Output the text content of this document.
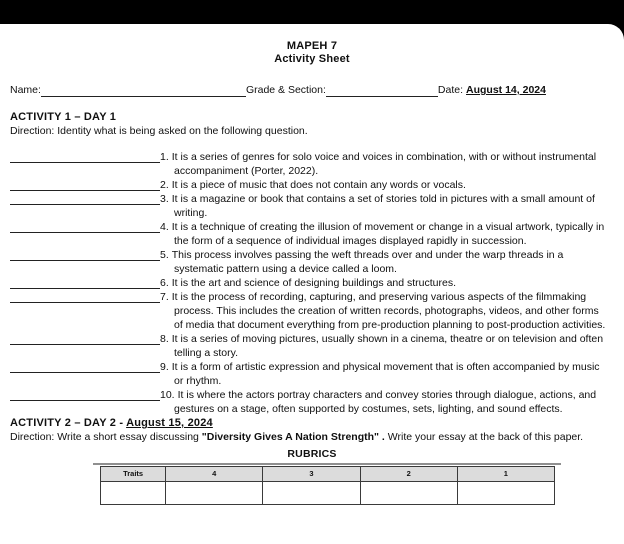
MAPEH 7
Activity Sheet
Name:	Grade & Section:	Date: August 14, 2024
ACTIVITY 1 – DAY 1
Direction: Identity what is being asked on the following question.
1. It is a series of genres for solo voice and voices in combination, with or without instrumental accompaniment (Porter, 2022).
2. It is a piece of music that does not contain any words or vocals.
3. It is a magazine or book that contains a set of stories told in pictures with a small amount of writing.
4. It is a technique of creating the illusion of movement or change in a visual artwork, typically in the form of a sequence of individual images displayed rapidly in succession.
5. This process involves passing the weft threads over and under the warp threads in a systematic pattern using a device called a loom.
6. It is the art and science of designing buildings and structures.
7. It is the process of recording, capturing, and preserving various aspects of the filmmaking process. This includes the creation of written records, photographs, videos, and other forms of media that document everything from pre-production planning to post-production activities.
8. It is a series of moving pictures, usually shown in a cinema, theatre or on television and often telling a story.
9. It is a form of artistic expression and physical movement that is often accompanied by music or rhythm.
10. It is where the actors portray characters and convey stories through dialogue, actions, and gestures on a stage, often supported by costumes, sets, lighting, and sound effects.
ACTIVITY 2 – DAY 2 - August 15, 2024
Direction: Write a short essay discussing "Diversity Gives A Nation Strength" . Write your essay at the back of this paper.
RUBRICS
Traits	4	3	2	1
